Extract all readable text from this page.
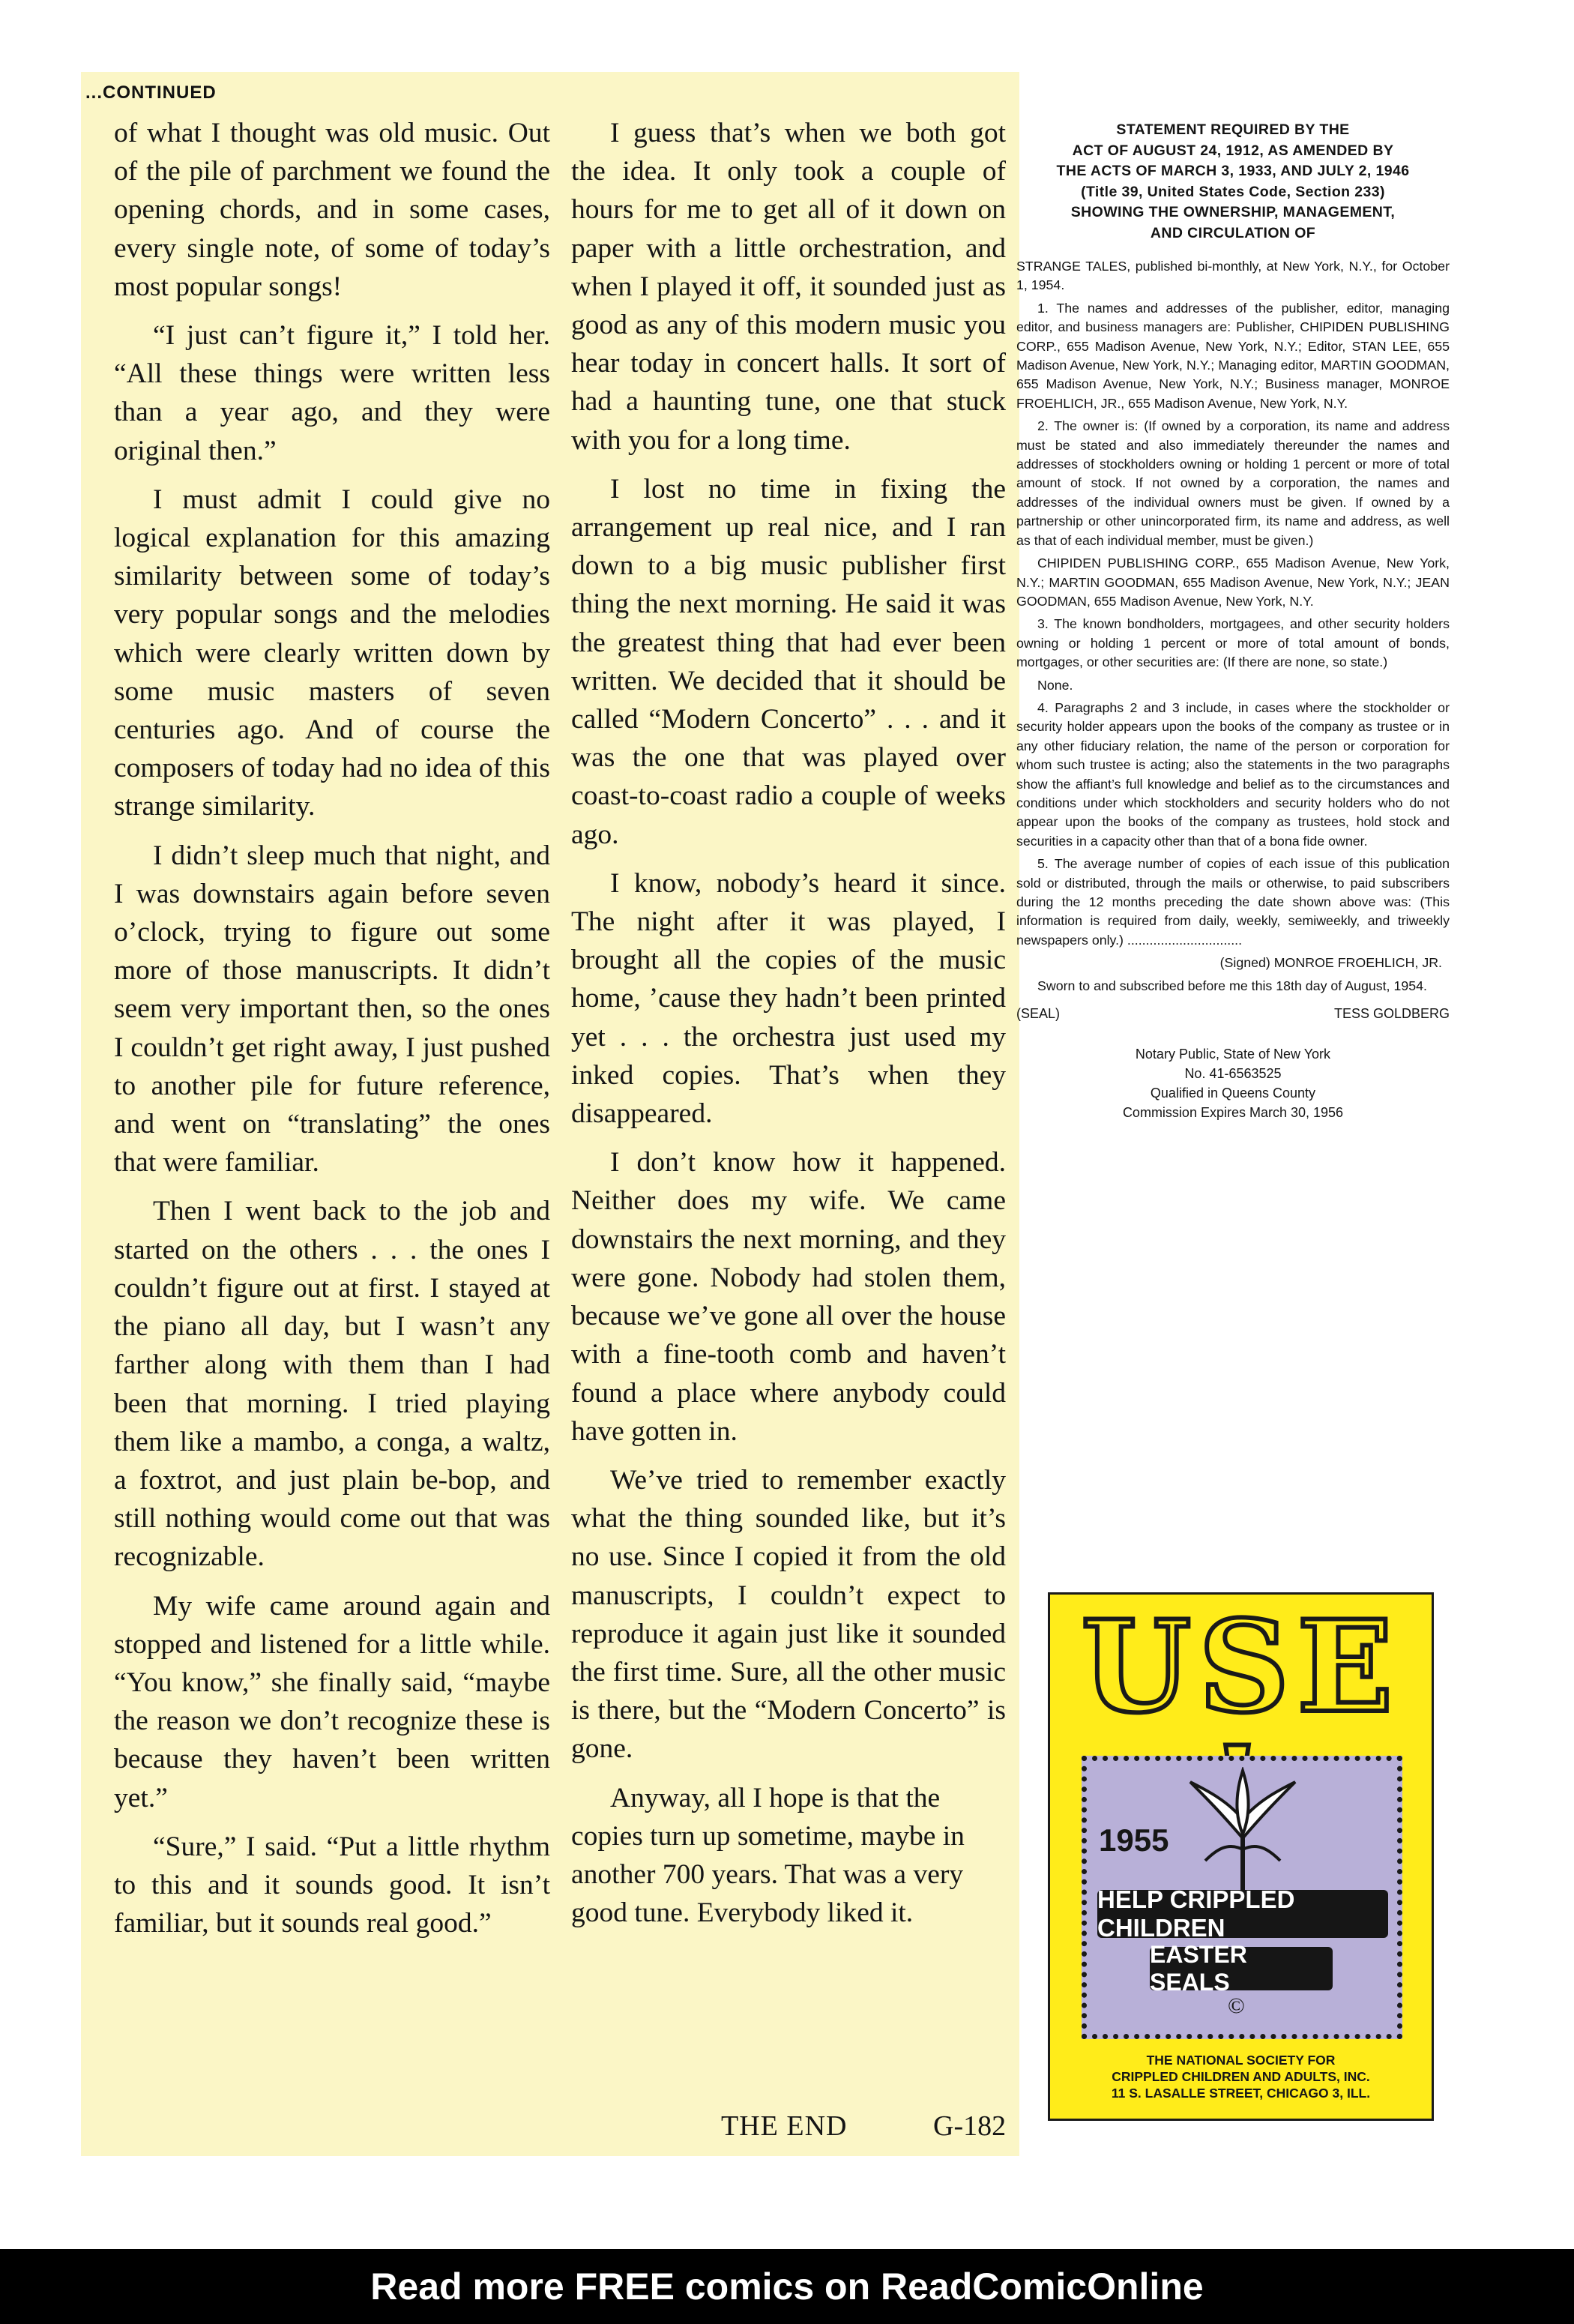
...CONTINUED

of what I thought was old music. Out of the pile of parchment we found the opening chords, and in some cases, every single note, of some of today’s most popular songs!

“I just can’t figure it,” I told her. “All these things were written less than a year ago, and they were original then.”

I must admit I could give no logical explanation for this amazing similarity between some of today’s very popular songs and the melodies which were clearly written down by some music masters of seven centuries ago. And of course the composers of today had no idea of this strange similarity.

I didn’t sleep much that night, and I was downstairs again before seven o’clock, trying to figure out some more of those manuscripts. It didn’t seem very important then, so the ones I couldn’t get right away, I just pushed to another pile for future reference, and went on “translating” the ones that were familiar.

Then I went back to the job and started on the others . . . the ones I couldn’t figure out at first. I stayed at the piano all day, but I wasn’t any farther along with them than I had been that morning. I tried playing them like a mambo, a conga, a waltz, a foxtrot, and just plain be-bop, and still nothing would come out that was recognizable.

My wife came around again and stopped and listened for a little while. “You know,” she finally said, “maybe the reason we don’t recognize these is because they haven’t been written yet.”

“Sure,” I said. “Put a little rhythm to this and it sounds good. It isn’t familiar, but it sounds real good.”

I guess that’s when we both got the idea. It only took a couple of hours for me to get all of it down on paper with a little orchestration, and when I played it off, it sounded just as good as any of this modern music you hear today in concert halls. It sort of had a haunting tune, one that stuck with you for a long time.

I lost no time in fixing the arrangement up real nice, and I ran down to a big music publisher first thing the next morning. He said it was the greatest thing that had ever been written. We decided that it should be called “Modern Concerto” . . . and it was the one that was played over coast-to-coast radio a couple of weeks ago.

I know, nobody’s heard it since. The night after it was played, I brought all the copies of the music home, ’cause they hadn’t been printed yet . . . the orchestra just used my inked copies. That’s when they disappeared.

I don’t know how it happened. Neither does my wife. We came downstairs the next morning, and they were gone. Nobody had stolen them, because we’ve gone all over the house with a fine-tooth comb and haven’t found a place where anybody could have gotten in.

We’ve tried to remember exactly what the thing sounded like, but it’s no use. Since I copied it from the old manuscripts, I couldn’t expect to reproduce it again just like it sounded the first time. Sure, all the other music is there, but the “Modern Concerto” is gone.

Anyway, all I hope is that the copies turn up sometime, maybe in another 700 years. That was a very good tune. Everybody liked it.

THE END	G-182
STATEMENT REQUIRED BY THE
ACT OF AUGUST 24, 1912, AS AMENDED BY
THE ACTS OF MARCH 3, 1933, AND JULY 2, 1946
(Title 39, United States Code, Section 233)
SHOWING THE OWNERSHIP, MANAGEMENT,
AND CIRCULATION OF

STRANGE TALES, published bi-monthly, at New York, N.Y., for October 1, 1954.

1. The names and addresses of the publisher, editor, managing editor, and business managers are: Publisher, CHIPIDEN PUBLISHING CORP., 655 Madison Avenue, New York, N.Y.; Editor, STAN LEE, 655 Madison Avenue, New York, N.Y.; Managing editor, MARTIN GOODMAN, 655 Madison Avenue, New York, N.Y.; Business manager, MONROE FROEHLICH, JR., 655 Madison Avenue, New York, N.Y.

2. The owner is: (If owned by a corporation, its name and address must be stated and also immediately thereunder the names and addresses of stockholders owning or holding 1 percent or more of total amount of stock. If not owned by a corporation, the names and addresses of the individual owners must be given. If owned by a partnership or other unincorporated firm, its name and address, as well as that of each individual member, must be given.)

CHIPIDEN PUBLISHING CORP., 655 Madison Avenue, New York, N.Y.; MARTIN GOODMAN, 655 Madison Avenue, New York, N.Y.; JEAN GOODMAN, 655 Madison Avenue, New York, N.Y.

3. The known bondholders, mortgagees, and other security holders owning or holding 1 percent or more of total amount of bonds, mortgages, or other securities are: (If there are none, so state.)

None.

4. Paragraphs 2 and 3 include, in cases where the stockholder or security holder appears upon the books of the company as trustee or in any other fiduciary relation, the name of the person or corporation for whom such trustee is acting; also the statements in the two paragraphs show the affiant’s full knowledge and belief as to the circumstances and conditions under which stockholders and security holders who do not appear upon the books of the company as trustees, hold stock and securities in a capacity other than that of a bona fide owner.

5. The average number of copies of each issue of this publication sold or distributed, through the mails or otherwise, to paid subscribers during the 12 months preceding the date shown above was: (This information is required from daily, weekly, semiweekly, and triweekly newspapers only.) ...............................

(Signed) MONROE FROEHLICH, JR.

Sworn to and subscribed before me this 18th day of August, 1954.

(SEAL)	TESS GOLDBERG
Notary Public, State of New York
No. 41-6563525
Qualified in Queens County
Commission Expires March 30, 1956
USE
1955
HELP CRIPPLED CHILDREN
EASTER SEALS
©
THE NATIONAL SOCIETY FOR
CRIPPLED CHILDREN AND ADULTS, INC.
11 S. LASALLE STREET, CHICAGO 3, ILL.
Read more FREE comics on ReadComicOnline
